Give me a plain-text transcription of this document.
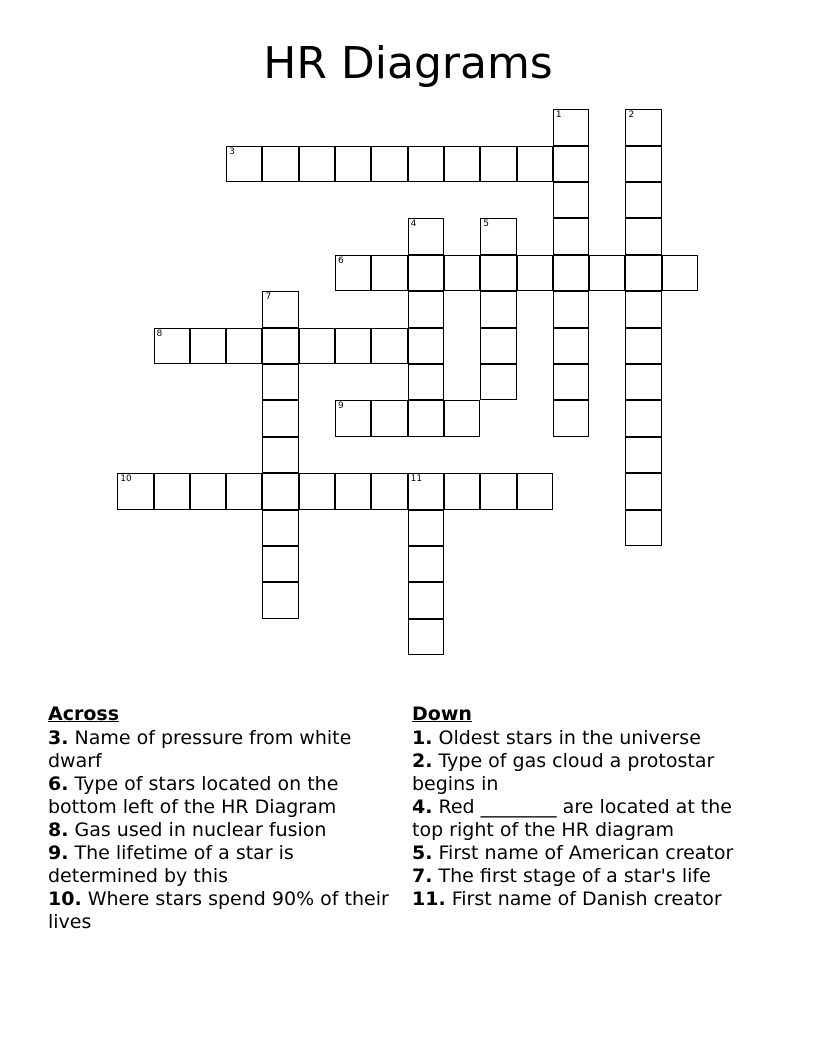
HR Diagrams
1	2
3
4	5
6
7
8
9
10	11
Across
3. Name of pressure from white dwarf
6. Type of stars located on the bottom left of the HR Diagram
8. Gas used in nuclear fusion
9. The lifetime of a star is determined by this
10. Where stars spend 90% of their lives
Down
1. Oldest stars in the universe
2. Type of gas cloud a protostar begins in
4. Red ________ are located at the top right of the HR diagram
5. First name of American creator
7. The first stage of a star's life
11. First name of Danish creator
